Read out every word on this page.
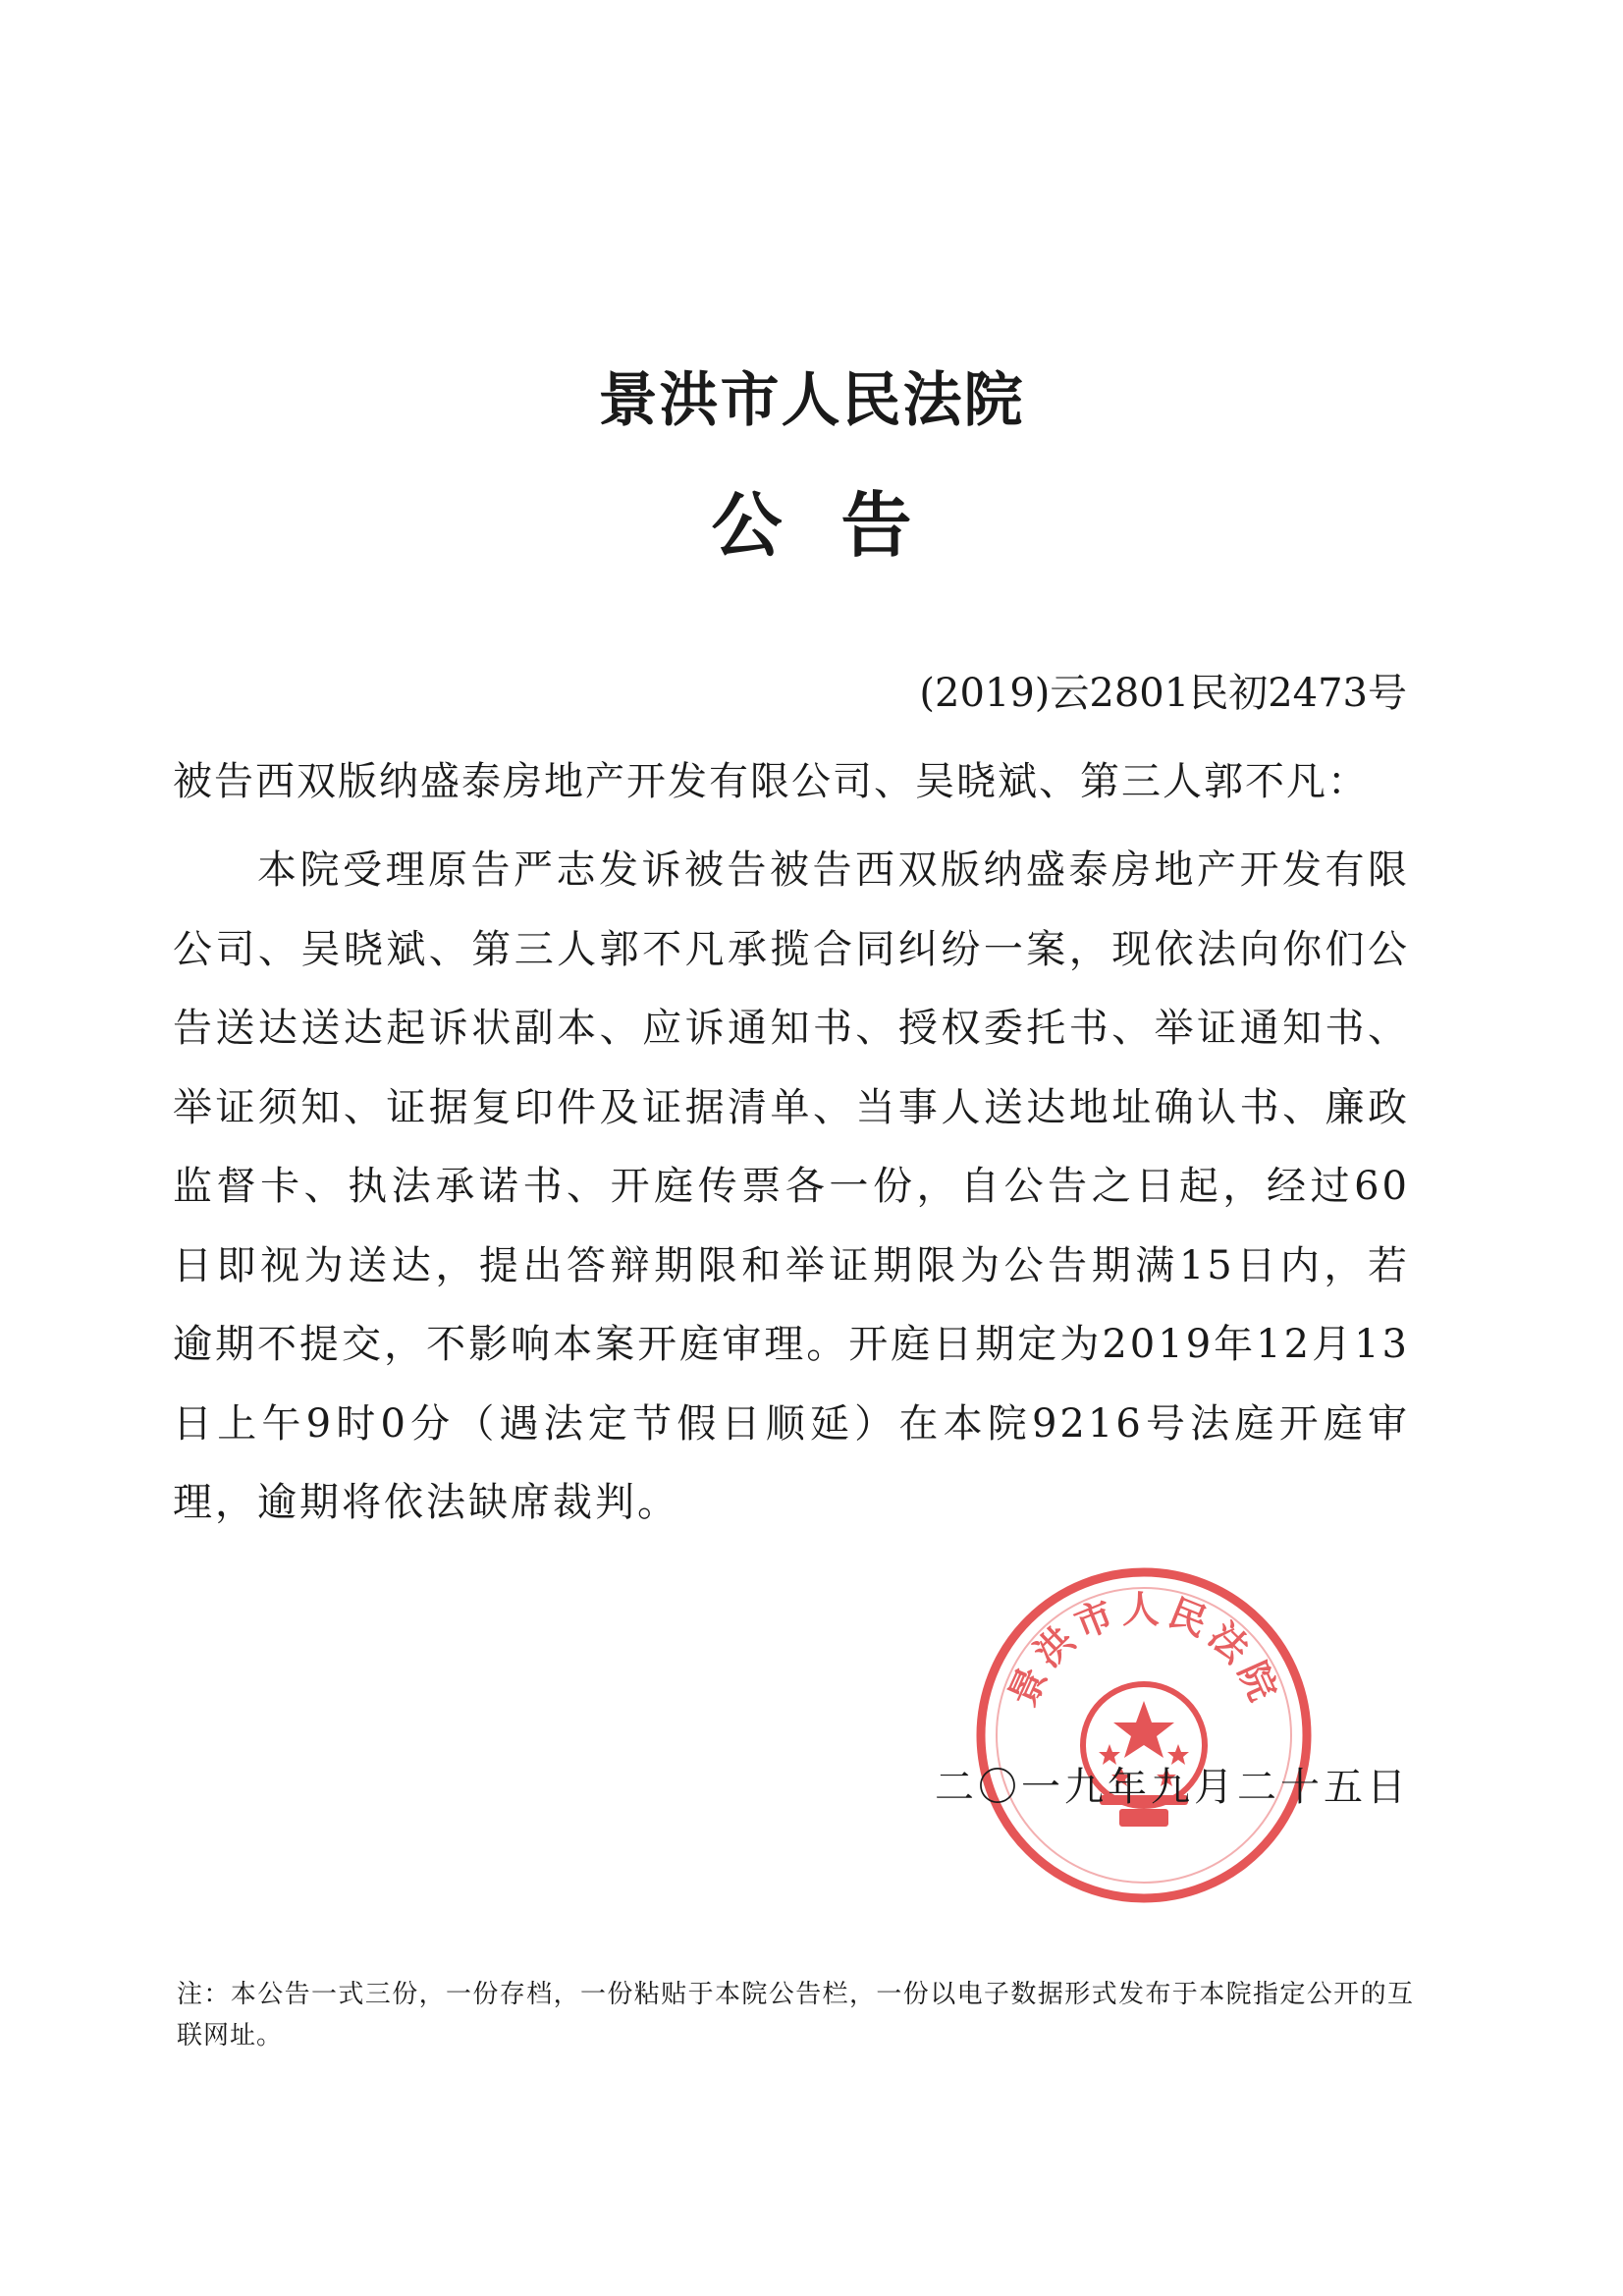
景洪市人民法院
公告
(2019)云2801民初2473号
被告西双版纳盛泰房地产开发有限公司、吴晓斌、第三人郭不凡：
本院受理原告严志发诉被告被告西双版纳盛泰房地产开发有限公司、吴晓斌、第三人郭不凡承揽合同纠纷一案，现依法向你们公告送达送达起诉状副本、应诉通知书、授权委托书、举证通知书、举证须知、证据复印件及证据清单、当事人送达地址确认书、廉政监督卡、执法承诺书、开庭传票各一份，自公告之日起，经过60日即视为送达，提出答辩期限和举证期限为公告期满15日内，若逾期不提交，不影响本案开庭审理。开庭日期定为2019年12月13日上午9时0分（遇法定节假日顺延）在本院9216号法庭开庭审理，逾期将依法缺席裁判。
景洪市人民法院
二〇一九年九月二十五日
注：本公告一式三份，一份存档，一份粘贴于本院公告栏，一份以电子数据形式发布于本院指定公开的互联网址。
